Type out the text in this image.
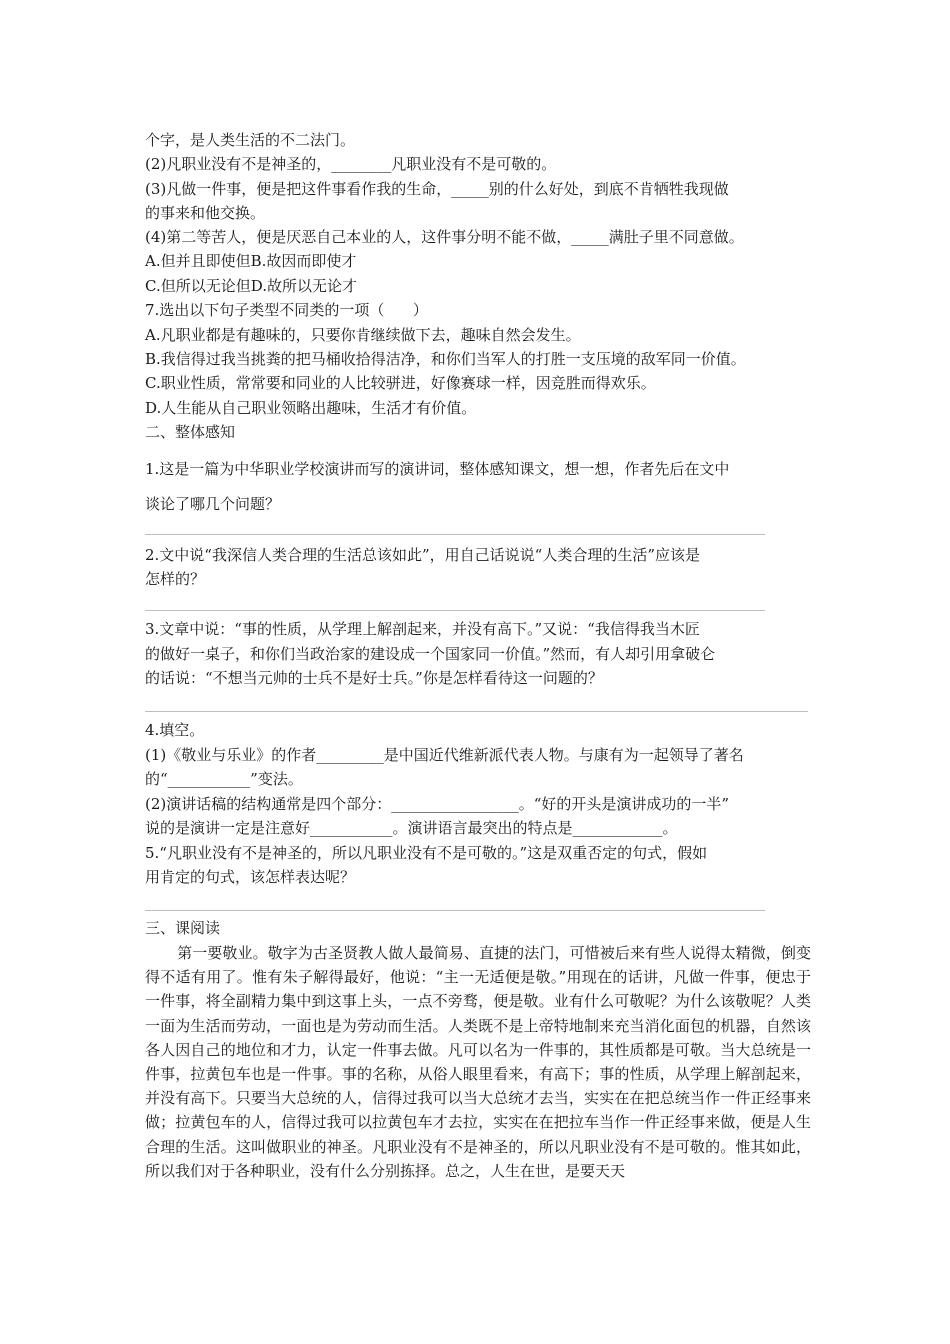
个字，是人类生活的不二法门。
(2)凡职业没有不是神圣的，________凡职业没有不是可敬的。
(3)凡做一件事，便是把这件事看作我的生命，_____别的什么好处，到底不肯牺牲我现做
的事来和他交换。
(4)第二等苦人，便是厌恶自己本业的人，这件事分明不能不做，_____满肚子里不同意做。
A.但并且即使但B.故因而即使才
C.但所以无论但D.故所以无论才
7.选出以下句子类型不同类的一项（      ）
A.凡职业都是有趣味的，只要你肯继续做下去，趣味自然会发生。
B.我信得过我当挑粪的把马桶收拾得洁净，和你们当军人的打胜一支压境的敌军同一价值。
C.职业性质，常常要和同业的人比较骈进，好像赛球一样，因竞胜而得欢乐。
D.人生能从自己职业领略出趣味，生活才有价值。
二、整体感知
1.这是一篇为中华职业学校演讲而写的演讲词，整体感知课文，想一想，作者先后在文中
谈论了哪几个问题？
2.文中说“我深信人类合理的生活总该如此”，用自己话说说“人类合理的生活”应该是
怎样的？
3.文章中说：“事的性质，从学理上解剖起来，并没有高下。”又说：“我信得我当木匠
的做好一桌子，和你们当政治家的建设成一个国家同一价值。”然而，有人却引用拿破仑
的话说：“不想当元帅的士兵不是好士兵。”你是怎样看待这一问题的？
4.填空。
(1)《敬业与乐业》的作者_________是中国近代维新派代表人物。与康有为一起领导了著名
的“___________”变法。
(2)演讲话稿的结构通常是四个部分：_________________。“好的开头是演讲成功的一半”
说的是演讲一定是注意好___________。演讲语言最突出的特点是____________。
5.“凡职业没有不是神圣的，所以凡职业没有不是可敬的。”这是双重否定的句式，假如
用肯定的句式，该怎样表达呢？
三、课阅读
第一要敬业。敬字为古圣贤教人做人最简易、直捷的法门，可惜被后来有些人说得太精微，倒变得不适有用了。惟有朱子解得最好，他说：“主一无适便是敬。”用现在的话讲，凡做一件事，便忠于一件事，将全副精力集中到这事上头，一点不旁骛，便是敬。业有什么可敬呢？为什么该敬呢？人类一面为生活而劳动，一面也是为劳动而生活。人类既不是上帝特地制来充当消化面包的机器，自然该各人因自己的地位和才力，认定一件事去做。凡可以名为一件事的，其性质都是可敬。当大总统是一件事，拉黄包车也是一件事。事的名称，从俗人眼里看来，有高下；事的性质，从学理上解剖起来，并没有高下。只要当大总统的人，信得过我可以当大总统才去当，实实在在把总统当作一件正经事来做；拉黄包车的人，信得过我可以拉黄包车才去拉，实实在在把拉车当作一件正经事来做，便是人生合理的生活。这叫做职业的神圣。凡职业没有不是神圣的，所以凡职业没有不是可敬的。惟其如此，所以我们对于各种职业，没有什么分别拣择。总之，人生在世，是要天天
